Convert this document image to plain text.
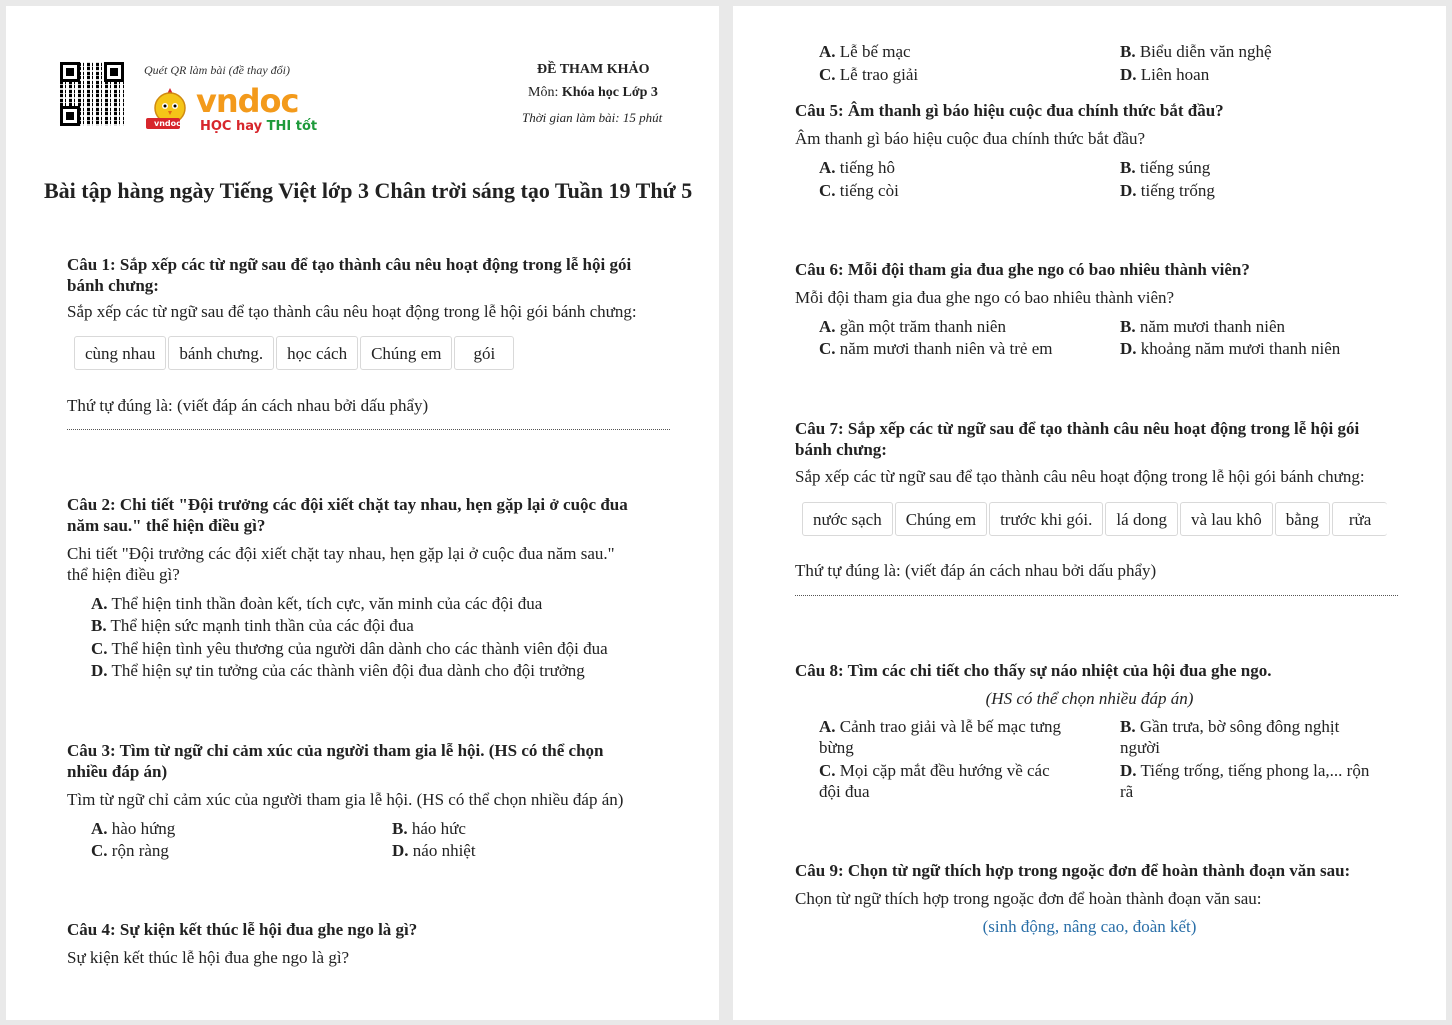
Quét QR làm bài (đề thay đổi)
vndoc
vndoc
HỌC hay THI tốt
ĐỀ THAM KHẢO
Môn: Khóa học Lớp 3
Thời gian làm bài: 15 phút
Bài tập hàng ngày Tiếng Việt lớp 3 Chân trời sáng tạo Tuần 19 Thứ 5
Câu 1: Sắp xếp các từ ngữ sau để tạo thành câu nêu hoạt động trong lễ hội gói
bánh chưng:
Sắp xếp các từ ngữ sau để tạo thành câu nêu hoạt động trong lễ hội gói bánh chưng:
cùng nhau	bánh chưng.	học cách	Chúng em	gói
Thứ tự đúng là: (viết đáp án cách nhau bởi dấu phẩy)
Câu 2: Chi tiết "Đội trưởng các đội xiết chặt tay nhau, hẹn gặp lại ở cuộc đua
năm sau." thể hiện điều gì?
Chi tiết "Đội trưởng các đội xiết chặt tay nhau, hẹn gặp lại ở cuộc đua năm sau."
thể hiện điều gì?
A. Thể hiện tinh thần đoàn kết, tích cực, văn minh của các đội đua
B. Thể hiện sức mạnh tinh thần của các đội đua
C. Thể hiện tình yêu thương của người dân dành cho các thành viên đội đua
D. Thể hiện sự tin tưởng của các thành viên đội đua dành cho đội trưởng
Câu 3: Tìm từ ngữ chỉ cảm xúc của người tham gia lễ hội. (HS có thể chọn
nhiều đáp án)
Tìm từ ngữ chỉ cảm xúc của người tham gia lễ hội. (HS có thể chọn nhiều đáp án)
A. hào hứng	B. háo hức
C. rộn ràng	D. náo nhiệt
Câu 4: Sự kiện kết thúc lễ hội đua ghe ngo là gì?
Sự kiện kết thúc lễ hội đua ghe ngo là gì?
A. Lễ bế mạc	B. Biểu diễn văn nghệ
C. Lễ trao giải	D. Liên hoan
Câu 5: Âm thanh gì báo hiệu cuộc đua chính thức bắt đầu?
Âm thanh gì báo hiệu cuộc đua chính thức bắt đầu?
A. tiếng hô	B. tiếng súng
C. tiếng còi	D. tiếng trống
Câu 6: Mỗi đội tham gia đua ghe ngo có bao nhiêu thành viên?
Mỗi đội tham gia đua ghe ngo có bao nhiêu thành viên?
A. gần một trăm thanh niên	B. năm mươi thanh niên
C. năm mươi thanh niên và trẻ em	D. khoảng năm mươi thanh niên
Câu 7: Sắp xếp các từ ngữ sau để tạo thành câu nêu hoạt động trong lễ hội gói
bánh chưng:
Sắp xếp các từ ngữ sau để tạo thành câu nêu hoạt động trong lễ hội gói bánh chưng:
nước sạch	Chúng em	trước khi gói.	lá dong	và lau khô	bằng	rửa
Thứ tự đúng là: (viết đáp án cách nhau bởi dấu phẩy)
Câu 8: Tìm các chi tiết cho thấy sự náo nhiệt của hội đua ghe ngo.
(HS có thể chọn nhiều đáp án)
A. Cảnh trao giải và lễ bế mạc tưng
bừng
B. Gần trưa, bờ sông đông nghịt
người
C. Mọi cặp mắt đều hướng về các
đội đua
D. Tiếng trống, tiếng phong la,... rộn
rã
Câu 9: Chọn từ ngữ thích hợp trong ngoặc đơn để hoàn thành đoạn văn sau:
Chọn từ ngữ thích hợp trong ngoặc đơn để hoàn thành đoạn văn sau:
(sinh động, nâng cao, đoàn kết)
